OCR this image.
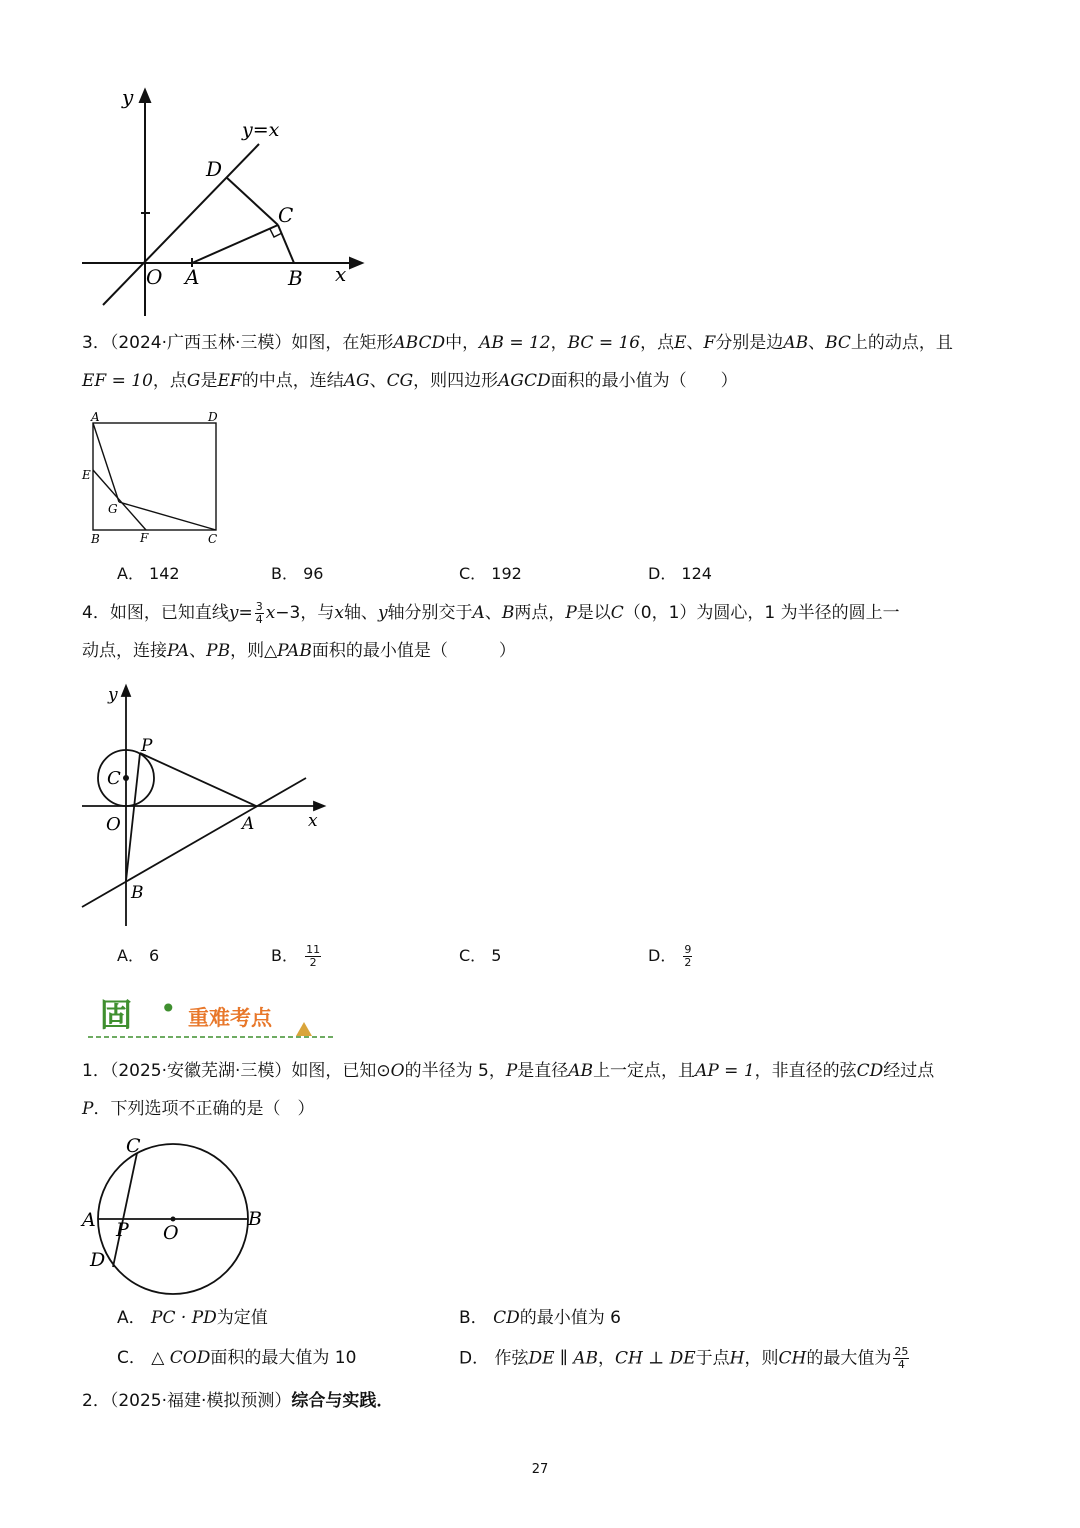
y
y=x
D
C
O A	B x
3．（2024·广西玉林·三模）如图，在矩形ABCD中，AB = 12，BC = 16，点E、F分别是边AB、BC上的动点，且
EF = 10，点G是EF的中点，连结AG、CG，则四边形AGCD面积的最小值为（　　）
A	D
E
G
B	F	C
A． 142	B． 96	C． 192	D． 124
4．如图，已知直线$y= \frac{3}{4} x-3$，与x轴、y轴分别交于A、B两点，P是以C（0，1）为圆心，1 为半径的圆上一
动点，连接PA、PB，则△PAB面积的最小值是（　　　）
y
P
C
O	A	x
B
A． 6	B． $\frac{11}{2}$	C． 5	D． $\frac{9}{2}$
固 • 重难考点
1．（2025·安徽芜湖·三模）如图，已知⊙O的半径为 5，P是直径AB上一定点，且AP = 1，非直径的弦CD经过点
P．下列选项不正确的是（　）
C
A P O
B
D
A． PC · PD为定值	B． CD的最小值为 6
C． △ COD面积的最大值为 10	D． 作弦DE ∥ AB，CH ⊥ DE于点H，则CH的最大值为 $\frac{25}{4}$
2．（2025·福建·模拟预测）综合与实践．
27
